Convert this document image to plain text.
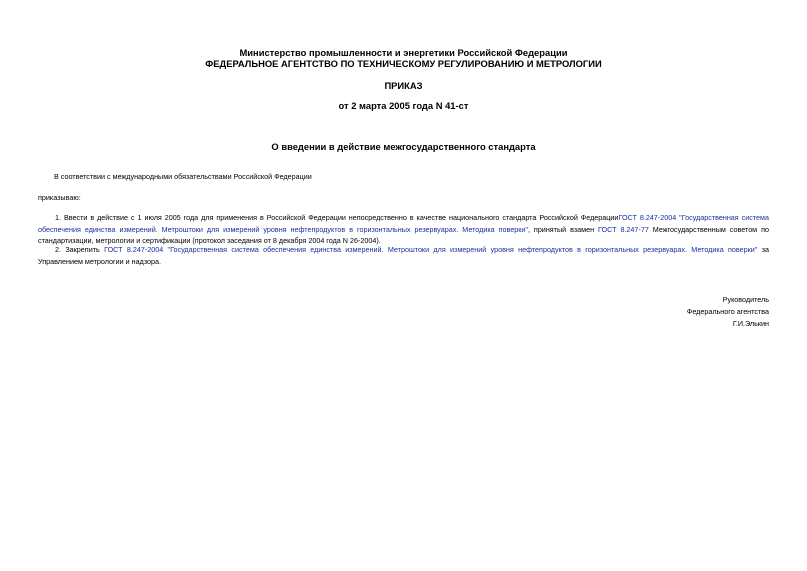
Министерство промышленности и энергетики Российской Федерации
ФЕДЕРАЛЬНОЕ АГЕНТСТВО ПО ТЕХНИЧЕСКОМУ РЕГУЛИРОВАНИЮ И МЕТРОЛОГИИ
ПРИКАЗ
от 2 марта 2005 года N 41-ст
О введении в действие межгосударственного стандарта
В соответствии с международными обязательствами Российской Федерации
приказываю:
1. Ввести в действие с 1 июля 2005 года для применения в Российской Федерации непосредственно в качестве национального стандарта Российской ФедерацииГОСТ 8.247-2004 "Государственная система обеспечения единства измерений. Метроштоки для измерений уровня нефтепродуктов в горизонтальных резервуарах. Методика поверки", принятый взамен ГОСТ 8.247-77 Межгосударственным советом по стандартизации, метрологии и сертификации (протокол заседания от 8 декабря 2004 года N 26-2004).
2. Закрепить ГОСТ 8.247-2004 "Государственная система обеспечения единства измерений. Метроштоки для измерений уровня нефтепродуктов в горизонтальных резервуарах. Методика поверки" за Управлением метрологии и надзора.
Руководитель
Федерального агентства
Г.И.Элькин
